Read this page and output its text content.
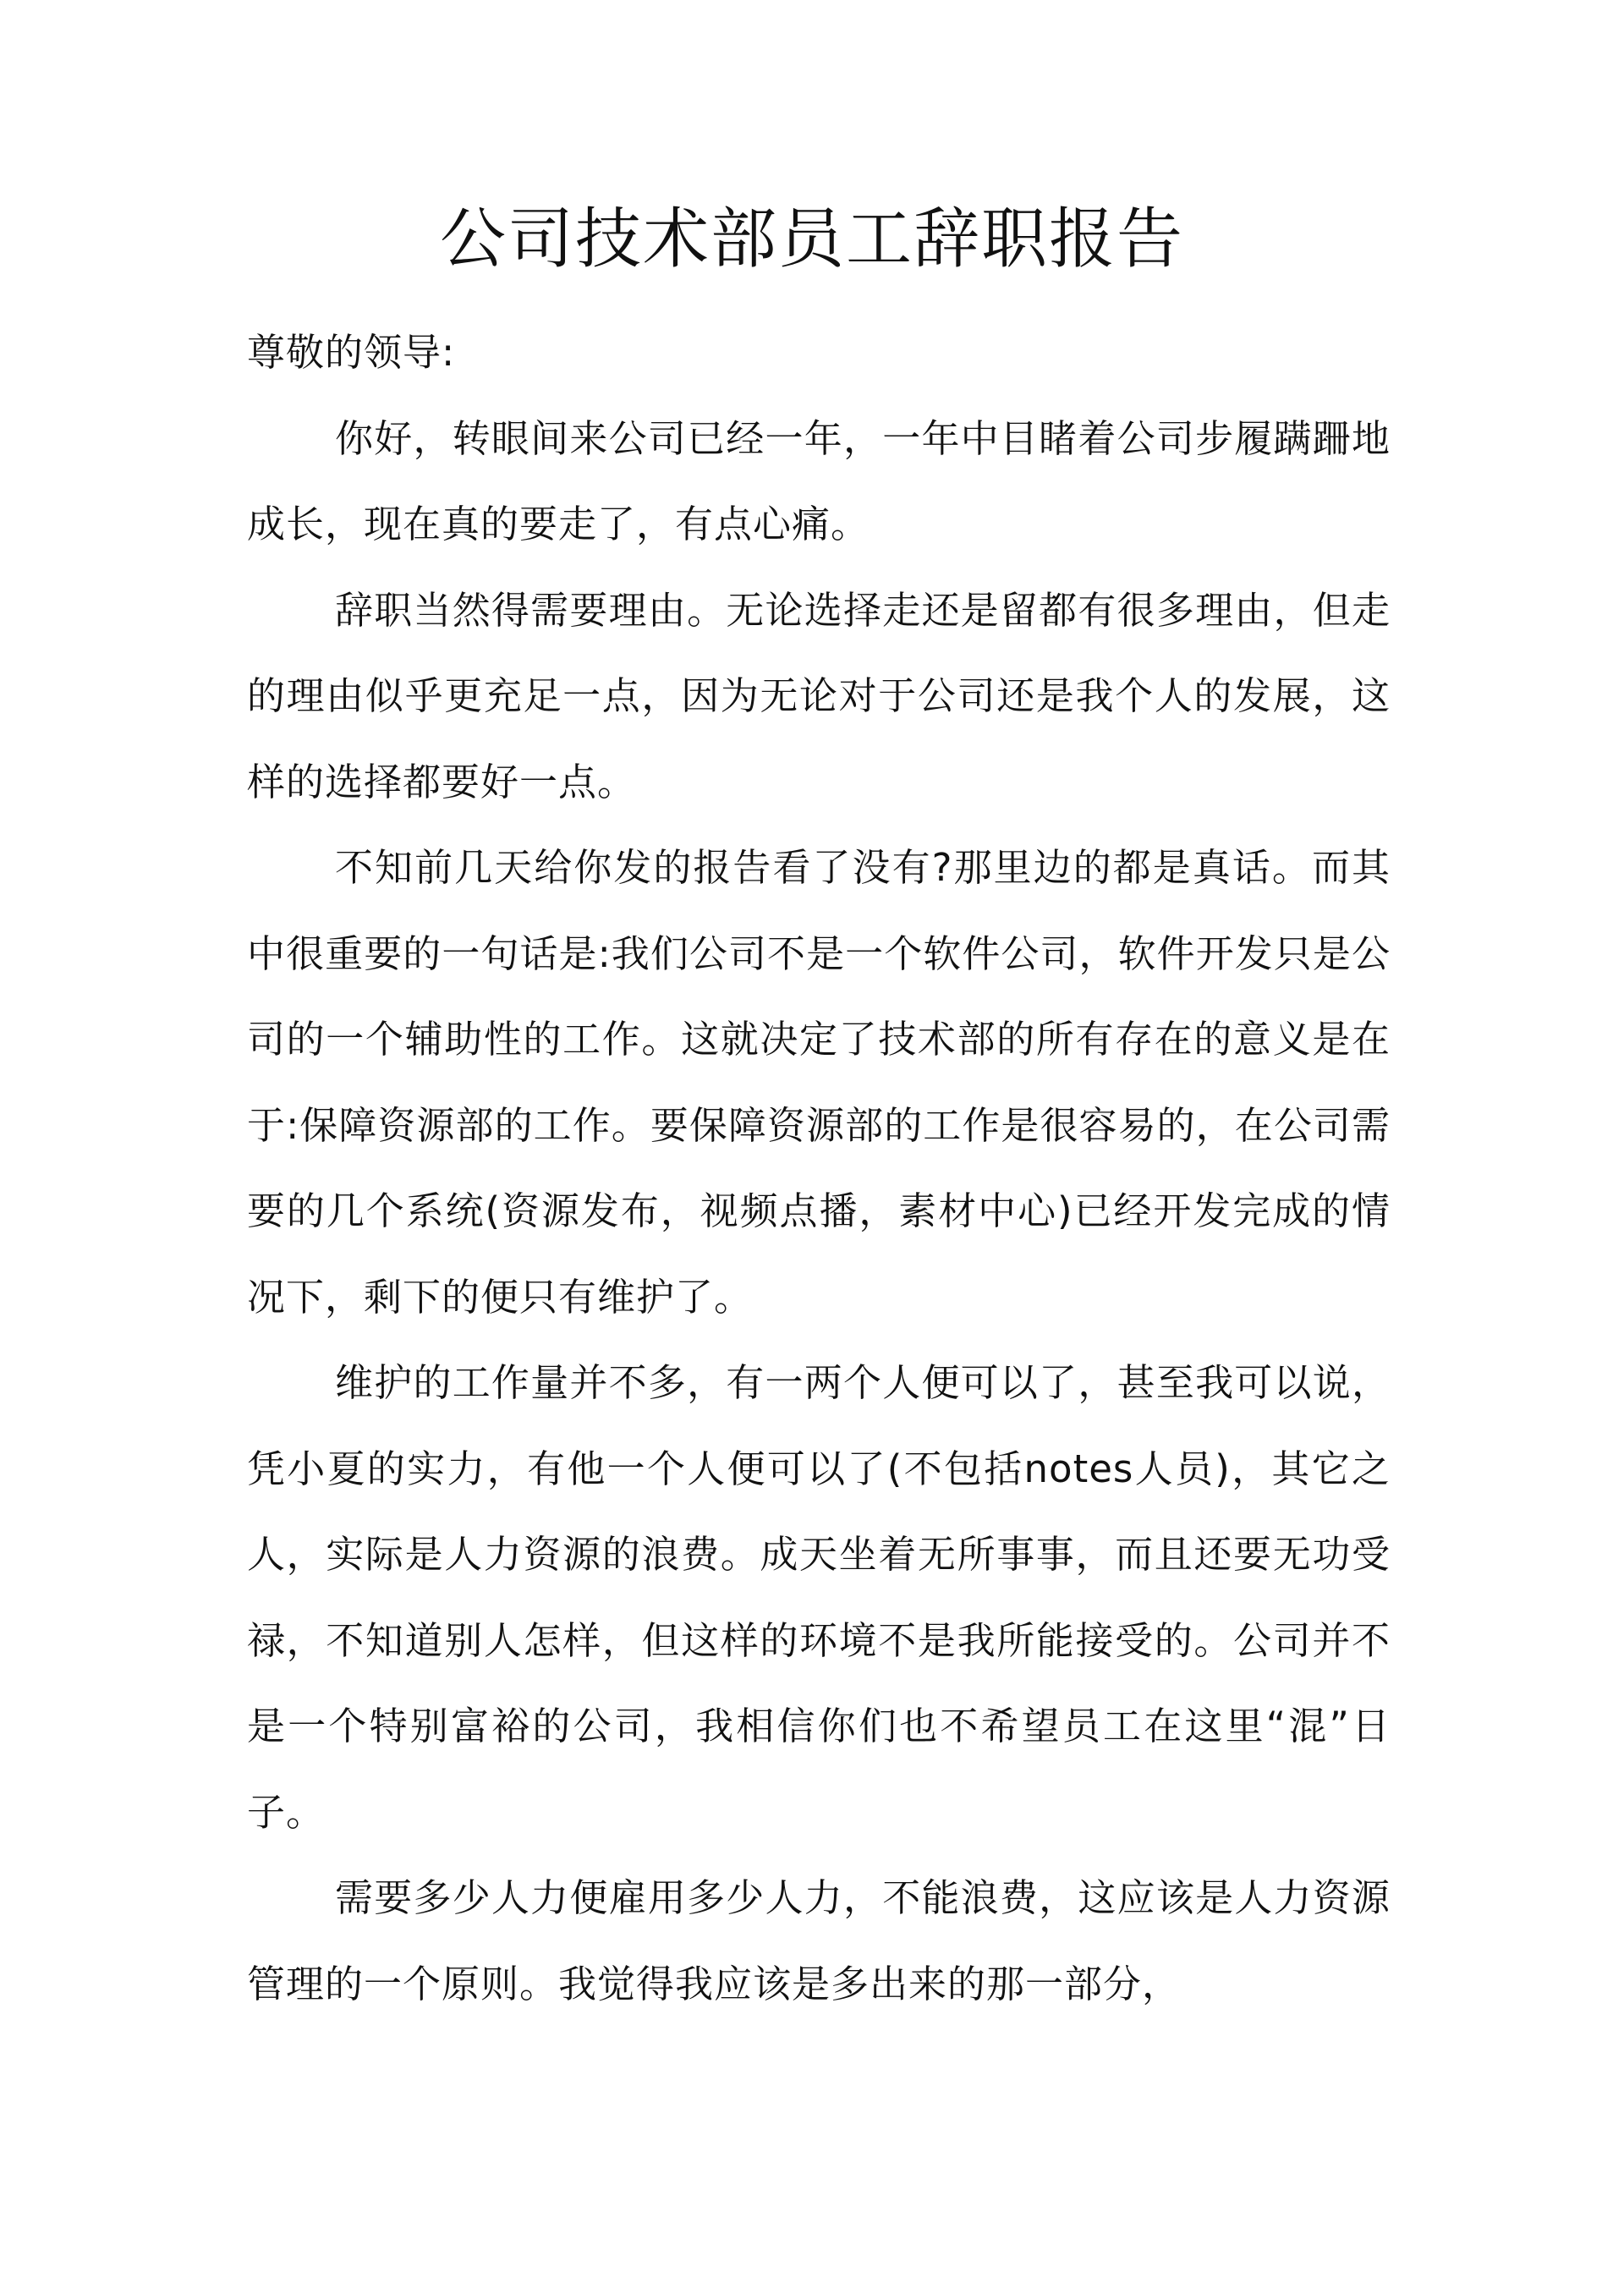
公司技术部员工辞职报告

尊敬的领导:

你好，转眼间来公司已经一年，一年中目睹着公司步履蹒跚地成长，现在真的要走了，有点心痛。

辞职当然得需要理由。无论选择走还是留都有很多理由，但走的理由似乎更充足一点，因为无论对于公司还是我个人的发展，这样的选择都要好一点。

不知前几天给你发的报告看了没有?那里边的都是真话。而其中很重要的一句话是:我们公司不是一个软件公司，软件开发只是公司的一个辅助性的工作。这就决定了技术部的所有存在的意义是在于:保障资源部的工作。要保障资源部的工作是很容易的，在公司需要的几个系统(资源发布，视频点播，素材中心)已经开发完成的情况下，剩下的便只有维护了。

维护的工作量并不多，有一两个人便可以了，甚至我可以说，凭小夏的实力，有他一个人便可以了(不包括notes人员)，其它之人，实际是人力资源的浪费。成天坐着无所事事，而且还要无功受禄，不知道别人怎样，但这样的环境不是我所能接受的。公司并不是一个特别富裕的公司，我相信你们也不希望员工在这里“混”日子。

需要多少人力便雇用多少人力，不能浪费，这应该是人力资源管理的一个原则。我觉得我应该是多出来的那一部分，
